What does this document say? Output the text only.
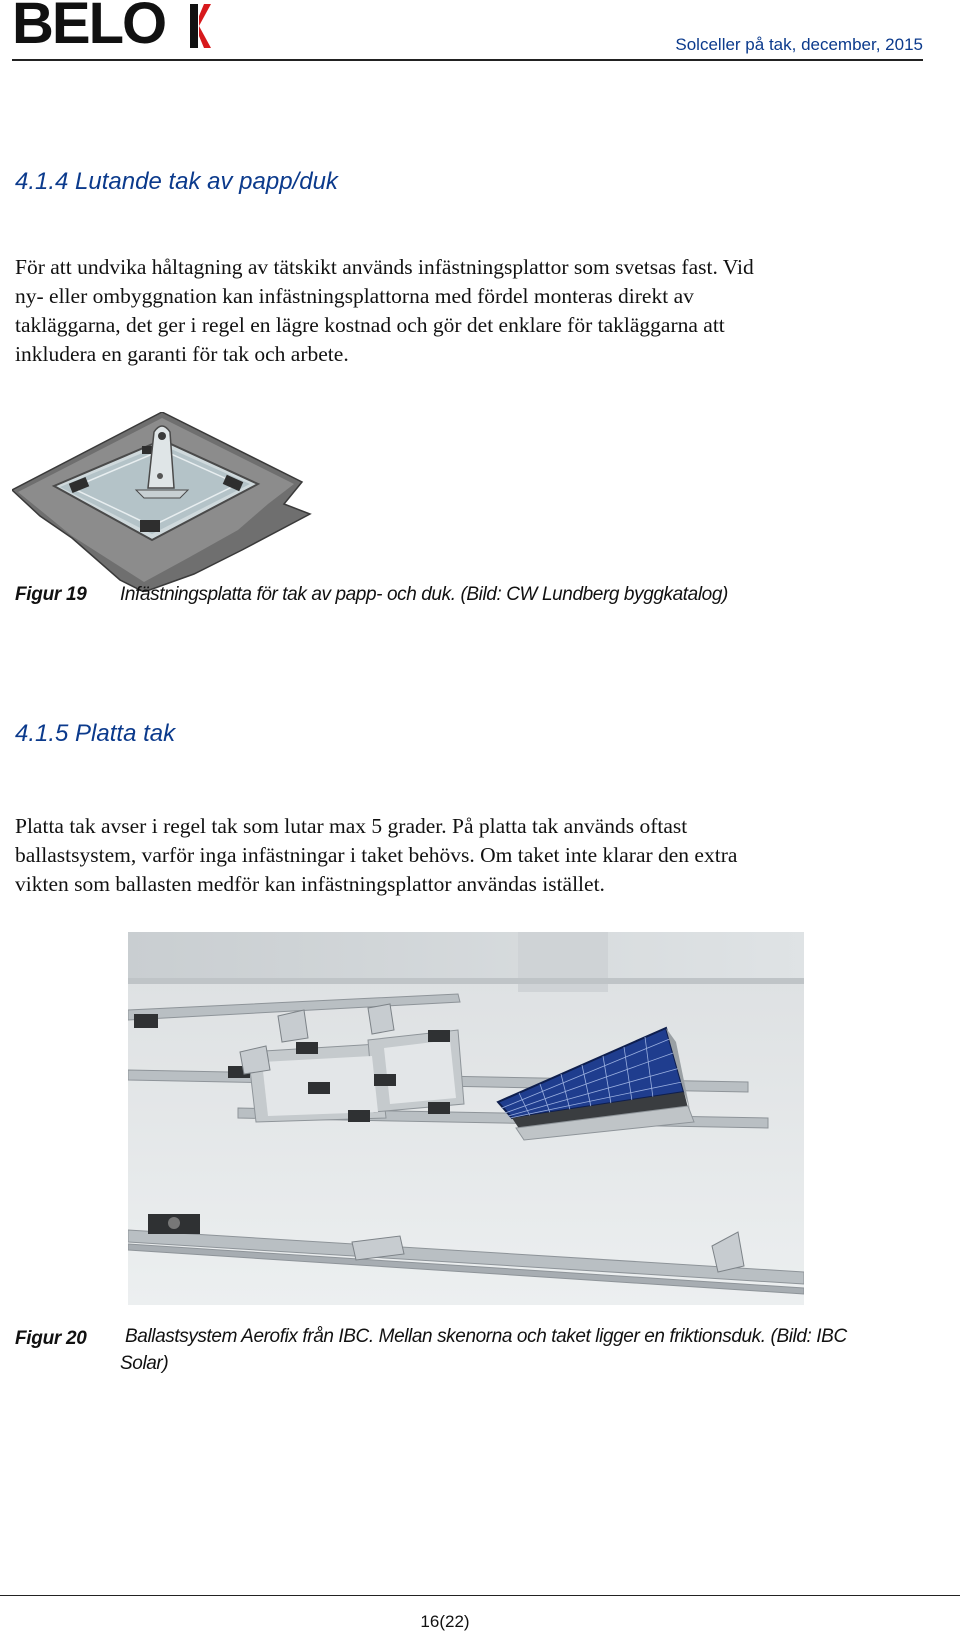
BELO	Solceller på tak, december, 2015
4.1.4 Lutande tak av papp/duk
För att undvika håltagning av tätskikt används infästningsplattor som svetsas fast. Vid
ny- eller ombyggnation kan infästningsplattorna med fördel monteras direkt av
takläggarna, det ger i regel en lägre kostnad och gör det enklare för takläggarna att
inkludera en garanti för tak och arbete.
Figur 19 Infästningsplatta för tak av papp- och duk. (Bild: CW Lundberg byggkatalog)
4.1.5 Platta tak
Platta tak avser i regel tak som lutar max 5 grader. På platta tak används oftast
ballastsystem, varför inga infästningar i taket behövs. Om taket inte klarar den extra
vikten som ballasten medför kan infästningsplattor användas istället.
Figur 20 Ballastsystem Aerofix från IBC. Mellan skenorna och taket ligger en friktionsduk. (Bild: IBC
Solar)
16(22)
